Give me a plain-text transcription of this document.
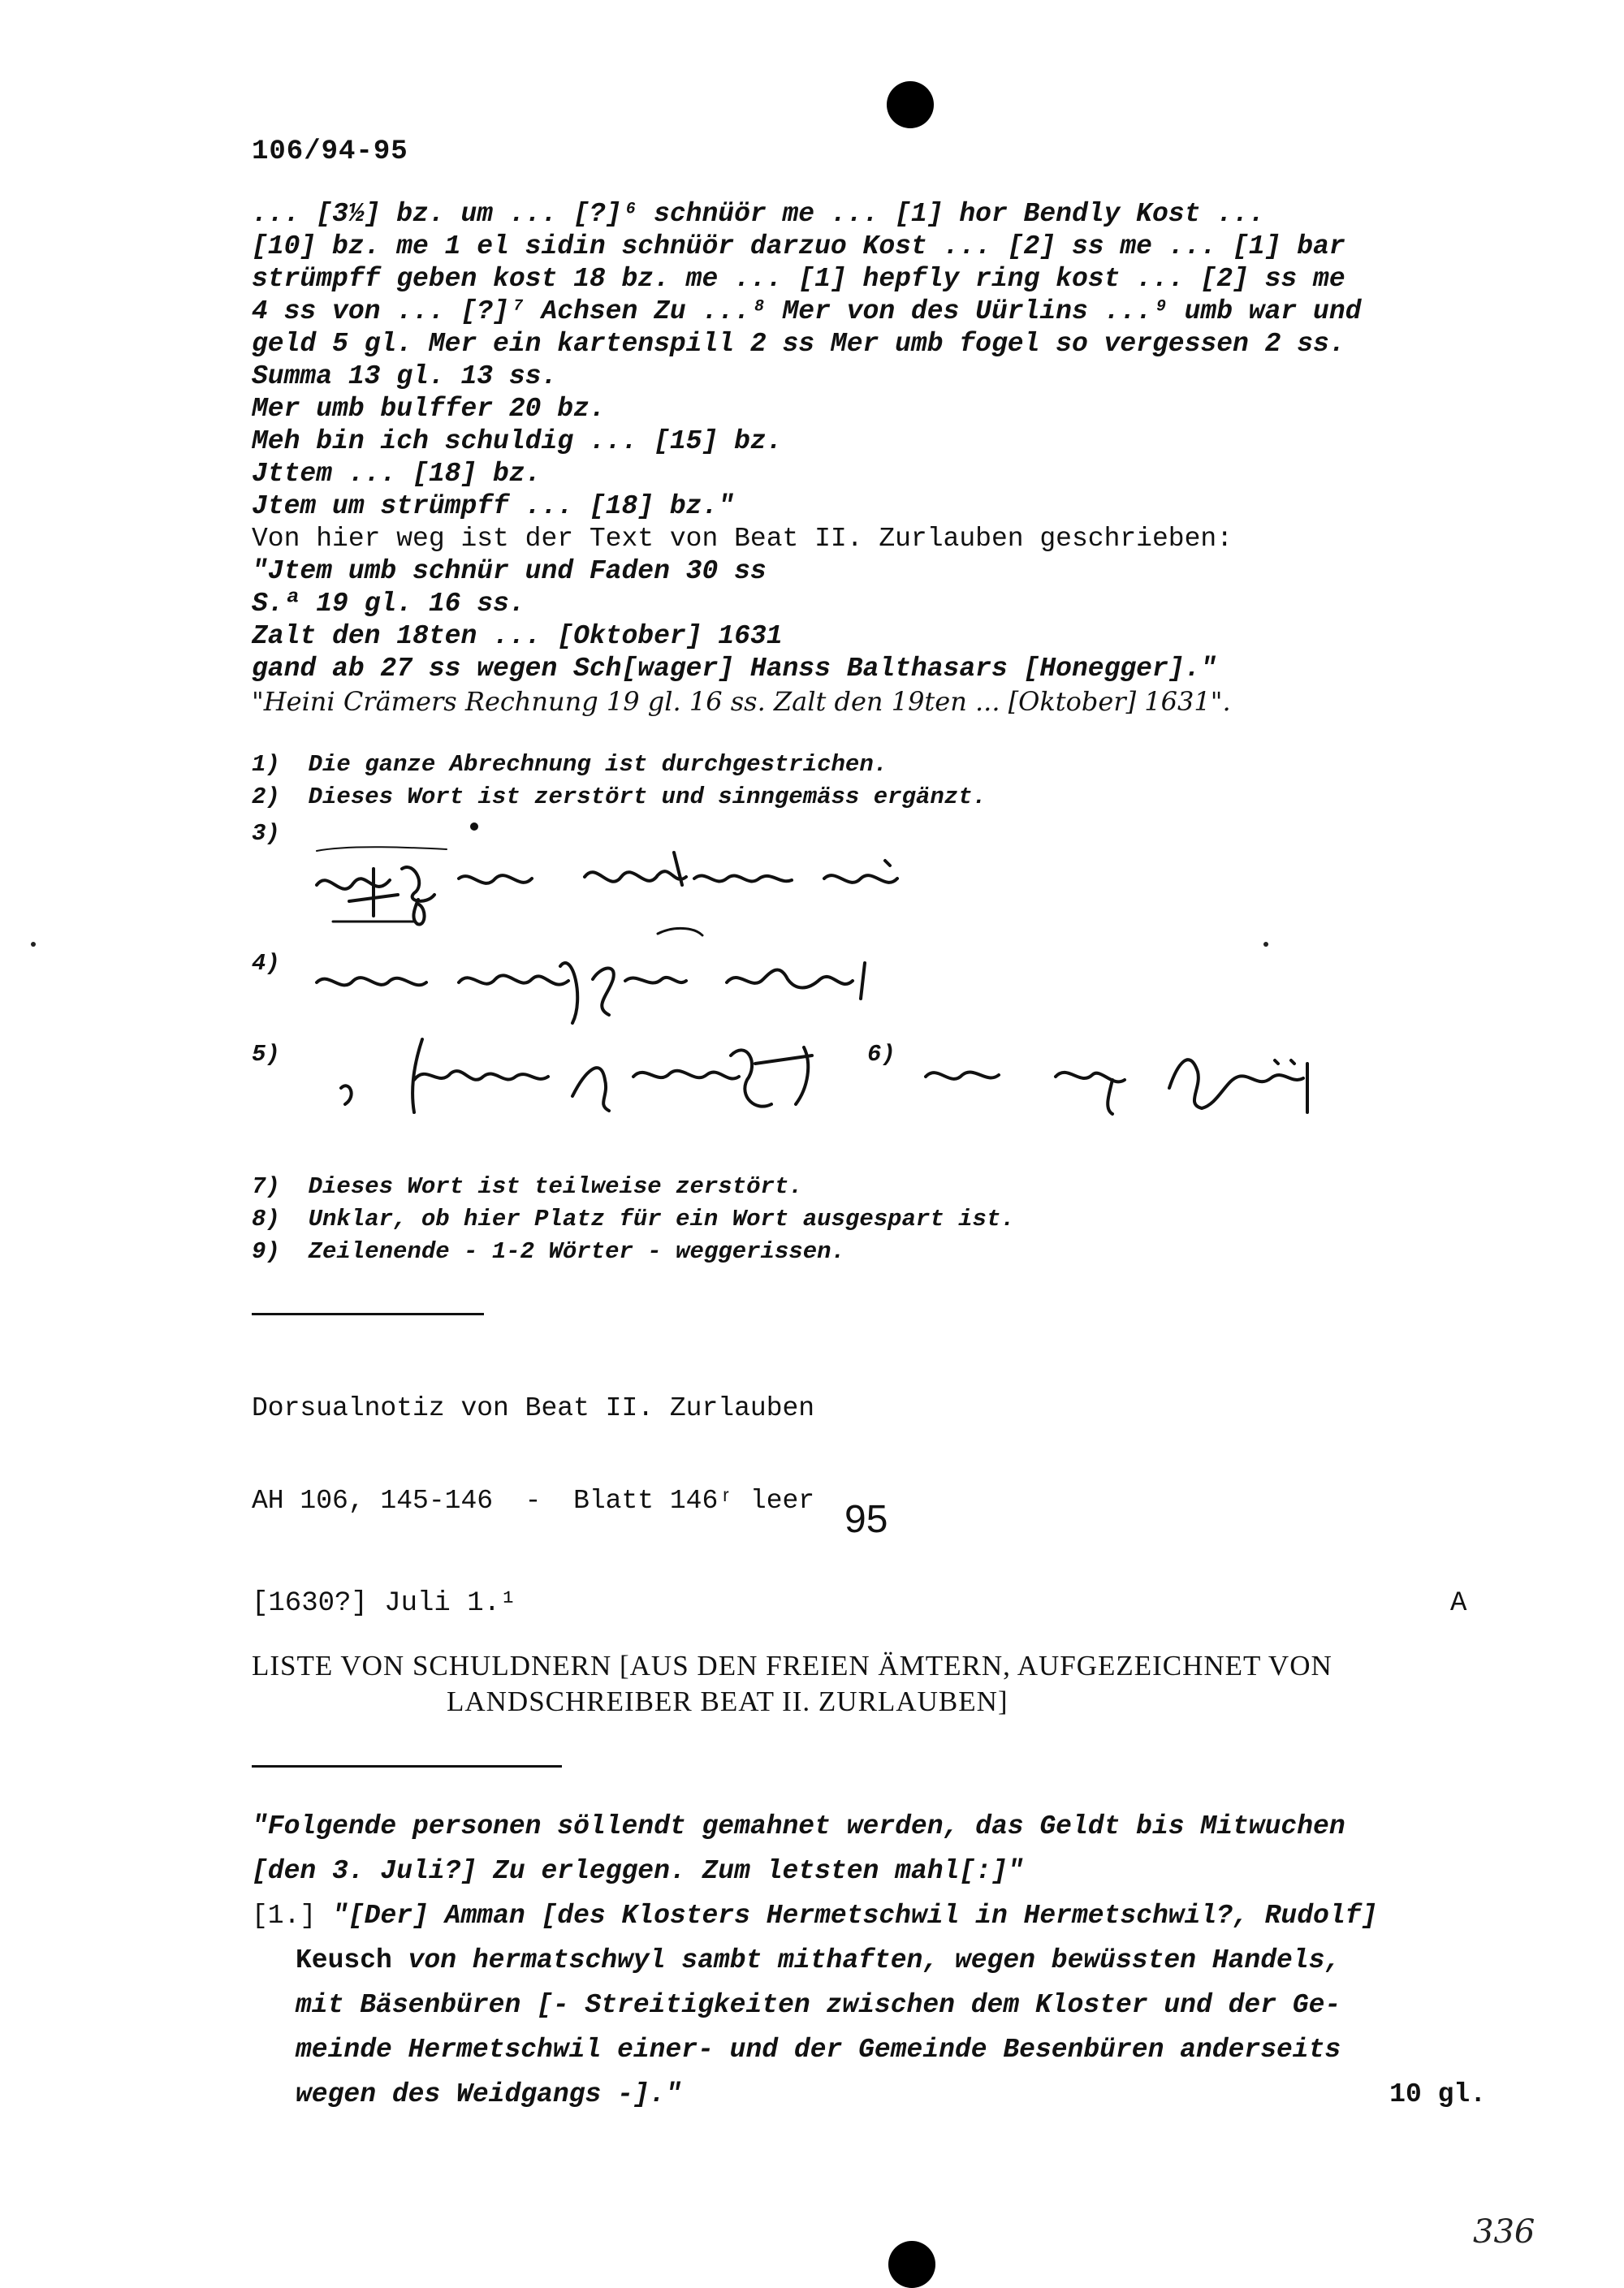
106/94-95
... [3½] bz. um ... [?]⁶ schnüör me ... [1] hor Bendly Kost ...
[10] bz. me 1 el sidin schnüör darzuo Kost ... [2] ss me ... [1] bar
strümpff geben kost 18 bz. me ... [1] hepfly ring kost ... [2] ss me
4 ss von ... [?]⁷ Achsen Zu ...⁸ Mer von des Uürlins ...⁹ umb war und
geld 5 gl. Mer ein kartenspill 2 ss Mer umb fogel so vergessen 2 ss.
Summa 13 gl. 13 ss.
Mer umb bulffer 20 bz.
Meh bin ich schuldig ... [15] bz.
Jttem ... [18] bz.
Jtem um strümpff ... [18] bz."
Von hier weg ist der Text von Beat II. Zurlauben geschrieben:
"Jtem umb schnür und Faden 30 ss
S.ª 19 gl. 16 ss.
Zalt den 18ten ... [Oktober] 1631
gand ab 27 ss wegen Sch[wager] Hanss Balthasars [Honegger]."
"Heini Crämers Rechnung 19 gl. 16 ss. Zalt den 19ten ... [Oktober] 1631".
1)  Die ganze Abrechnung ist durchgestrichen.
2)  Dieses Wort ist zerstört und sinngemäss ergänzt.
3)
4)
5)	6)
7)  Dieses Wort ist teilweise zerstört.
8)  Unklar, ob hier Platz für ein Wort ausgespart ist.
9)  Zeilenende - 1-2 Wörter - weggerissen.

Dorsualnotiz von Beat II. Zurlauben

AH 106, 145-146  -  Blatt 146ʳ leer

95
[1630?] Juli 1.¹	A
LISTE VON SCHULDNERN [AUS DEN FREIEN ÄMTERN, AUFGEZEICHNET VON
LANDSCHREIBER BEAT II. ZURLAUBEN]
"Folgende personen söllendt gemahnet werden, das Geldt bis Mitwuchen
[den 3. Juli?] Zu erleggen. Zum letsten mahl[:]"
[1.] "[Der] Amman [des Klosters Hermetschwil in Hermetschwil?, Rudolf]
Keusch von hermatschwyl sambt mithaften, wegen bewüssten Handels,
mit Bäsenbüren [- Streitigkeiten zwischen dem Kloster und der Ge-
meinde Hermetschwil einer- und der Gemeinde Besenbüren anderseits
wegen des Weidgangs -]."	10 gl.
336
